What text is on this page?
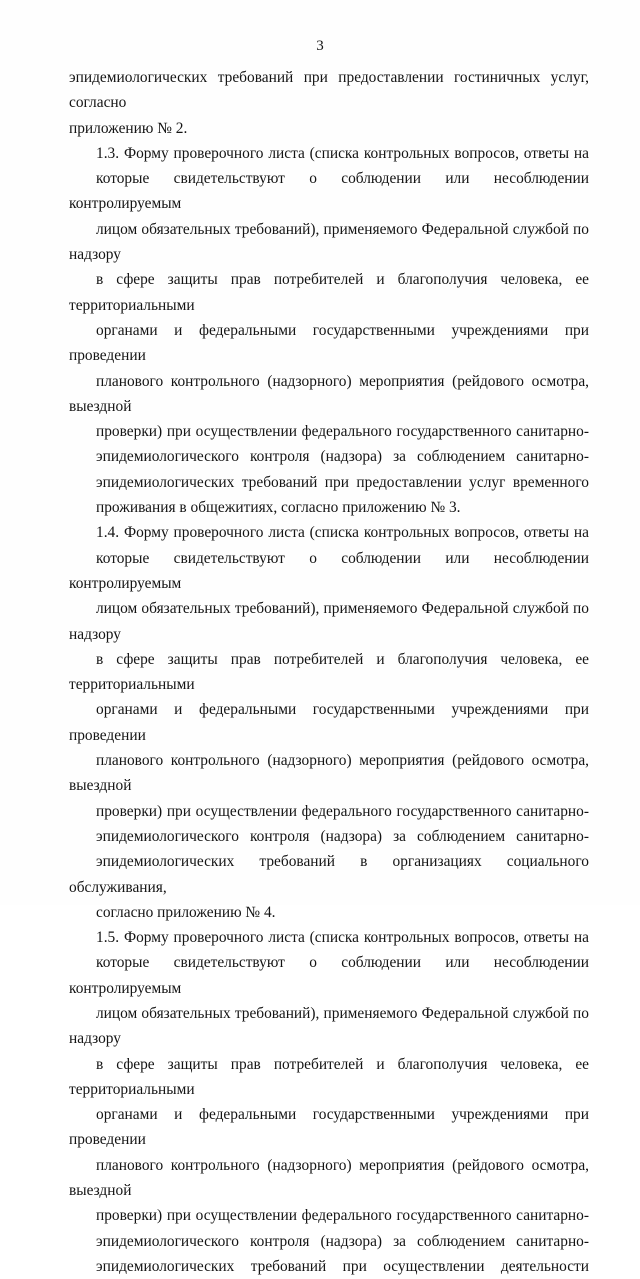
3

эпидемиологических требований при предоставлении гостиничных услуг, согласно
приложению № 2.

1.3. Форму проверочного листа (списка контрольных вопросов, ответы на
которые свидетельствуют о соблюдении или несоблюдении контролируемым
лицом обязательных требований), применяемого Федеральной службой по надзору
в сфере защиты прав потребителей и благополучия человека, ее территориальными
органами и федеральными государственными учреждениями при проведении
планового контрольного (надзорного) мероприятия (рейдового осмотра, выездной
проверки) при осуществлении федерального государственного санитарно-
эпидемиологического контроля (надзора) за соблюдением санитарно-
эпидемиологических требований при предоставлении услуг временного
проживания в общежитиях, согласно приложению № 3.

1.4. Форму проверочного листа (списка контрольных вопросов, ответы на
которые свидетельствуют о соблюдении или несоблюдении контролируемым
лицом обязательных требований), применяемого Федеральной службой по надзору
в сфере защиты прав потребителей и благополучия человека, ее территориальными
органами и федеральными государственными учреждениями при проведении
планового контрольного (надзорного) мероприятия (рейдового осмотра, выездной
проверки) при осуществлении федерального государственного санитарно-
эпидемиологического контроля (надзора) за соблюдением санитарно-
эпидемиологических требований в организациях социального обслуживания,
согласно приложению № 4.

1.5. Форму проверочного листа (списка контрольных вопросов, ответы на
которые свидетельствуют о соблюдении или несоблюдении контролируемым
лицом обязательных требований), применяемого Федеральной службой по надзору
в сфере защиты прав потребителей и благополучия человека, ее территориальными
органами и федеральными государственными учреждениями при проведении
планового контрольного (надзорного) мероприятия (рейдового осмотра, выездной
проверки) при осуществлении федерального государственного санитарно-
эпидемиологического контроля (надзора) за соблюдением санитарно-
эпидемиологических требований при осуществлении деятельности
